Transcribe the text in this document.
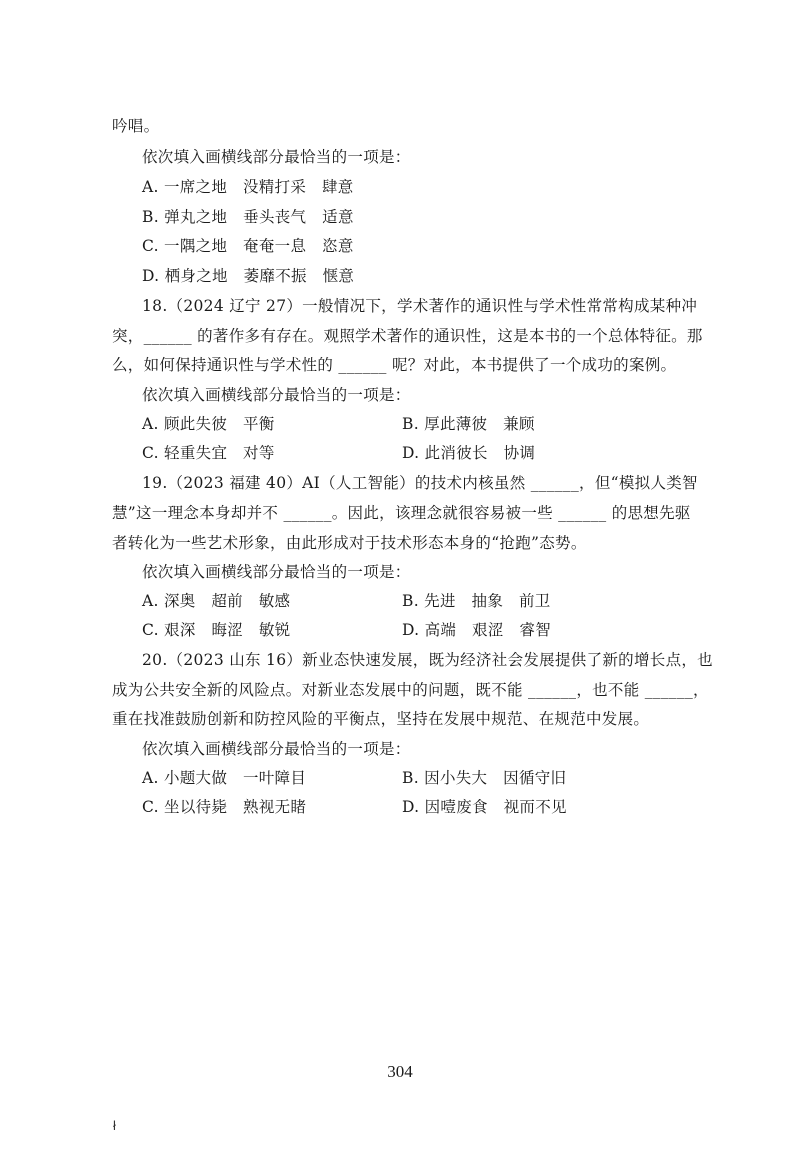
吟唱。
依次填入画横线部分最恰当的一项是：
A. 一席之地　没精打采　肆意
B. 弹丸之地　垂头丧气　适意
C. 一隅之地　奄奄一息　恣意
D. 栖身之地　萎靡不振　惬意
18.（2024 辽宁 27）一般情况下，学术著作的通识性与学术性常常构成某种冲
突，______ 的著作多有存在。观照学术著作的通识性，这是本书的一个总体特征。那
么，如何保持通识性与学术性的 ______ 呢？对此，本书提供了一个成功的案例。
依次填入画横线部分最恰当的一项是：
A. 顾此失彼　平衡	B. 厚此薄彼　兼顾
C. 轻重失宜　对等	D. 此消彼长　协调
19.（2023 福建 40）AI（人工智能）的技术内核虽然 ______，但“模拟人类智
慧”这一理念本身却并不 ______。因此，该理念就很容易被一些 ______ 的思想先驱
者转化为一些艺术形象，由此形成对于技术形态本身的“抢跑”态势。
依次填入画横线部分最恰当的一项是：
A. 深奥　超前　敏感	B. 先进　抽象　前卫
C. 艰深　晦涩　敏锐	D. 高端　艰涩　睿智
20.（2023 山东 16）新业态快速发展，既为经济社会发展提供了新的增长点，也
成为公共安全新的风险点。对新业态发展中的问题，既不能 ______，也不能 ______，
重在找准鼓励创新和防控风险的平衡点，坚持在发展中规范、在规范中发展。
依次填入画横线部分最恰当的一项是：
A. 小题大做　一叶障目	B. 因小失大　因循守旧
C. 坐以待毙　熟视无睹	D. 因噎废食　视而不见
304
ł
